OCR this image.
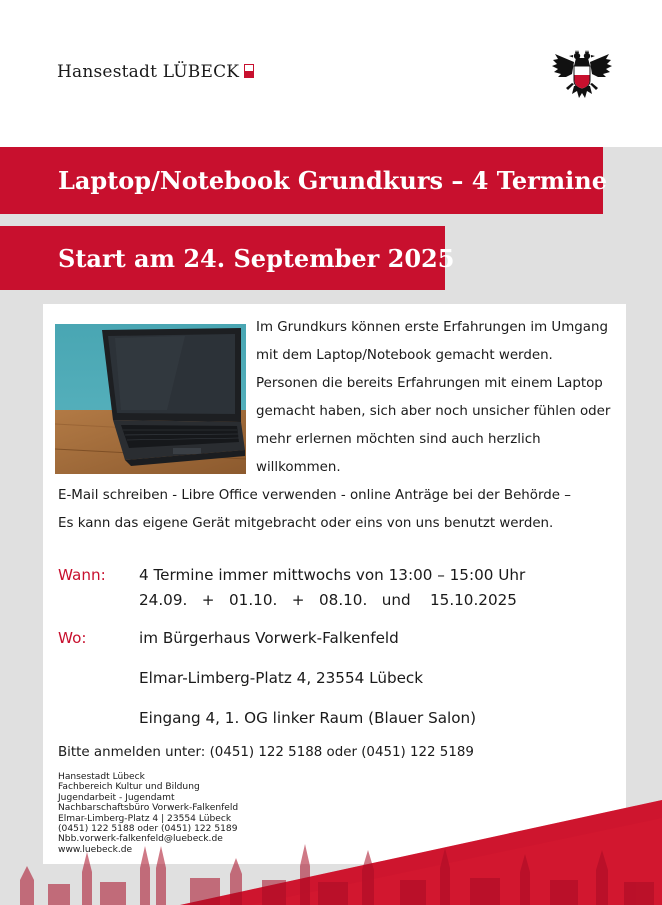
Hansestadt LÜBECK
Laptop/Notebook Grundkurs – 4 Termine
Start am 24. September 2025
Im Grundkurs können erste Erfahrungen im Umgang mit dem Laptop/Notebook gemacht werden. Personen die bereits Erfahrungen mit einem Laptop gemacht haben, sich aber noch unsicher fühlen oder mehr erlernen möchten sind auch herzlich willkommen.
E-Mail schreiben - Libre Office verwenden - online Anträge bei der Behörde –
Es kann das eigene Gerät mitgebracht oder eins von uns benutzt werden.
Wann: 4 Termine immer mittwochs von 13:00 – 15:00 Uhr
24.09.   +   01.10.   +   08.10.   und    15.10.2025
Wo:	im Bürgerhaus Vorwerk-Falkenfeld
Elmar-Limberg-Platz 4, 23554 Lübeck
Eingang 4, 1. OG linker Raum (Blauer Salon)
Bitte anmelden unter: (0451) 122 5188 oder (0451) 122 5189
Hansestadt Lübeck
Fachbereich Kultur und Bildung
Jugendarbeit - Jugendamt
Nachbarschaftsbüro Vorwerk-Falkenfeld
Elmar-Limberg-Platz 4 | 23554 Lübeck
(0451) 122 5188 oder (0451) 122 5189
Nbb.vorwerk-falkenfeld@luebeck.de
www.luebeck.de
